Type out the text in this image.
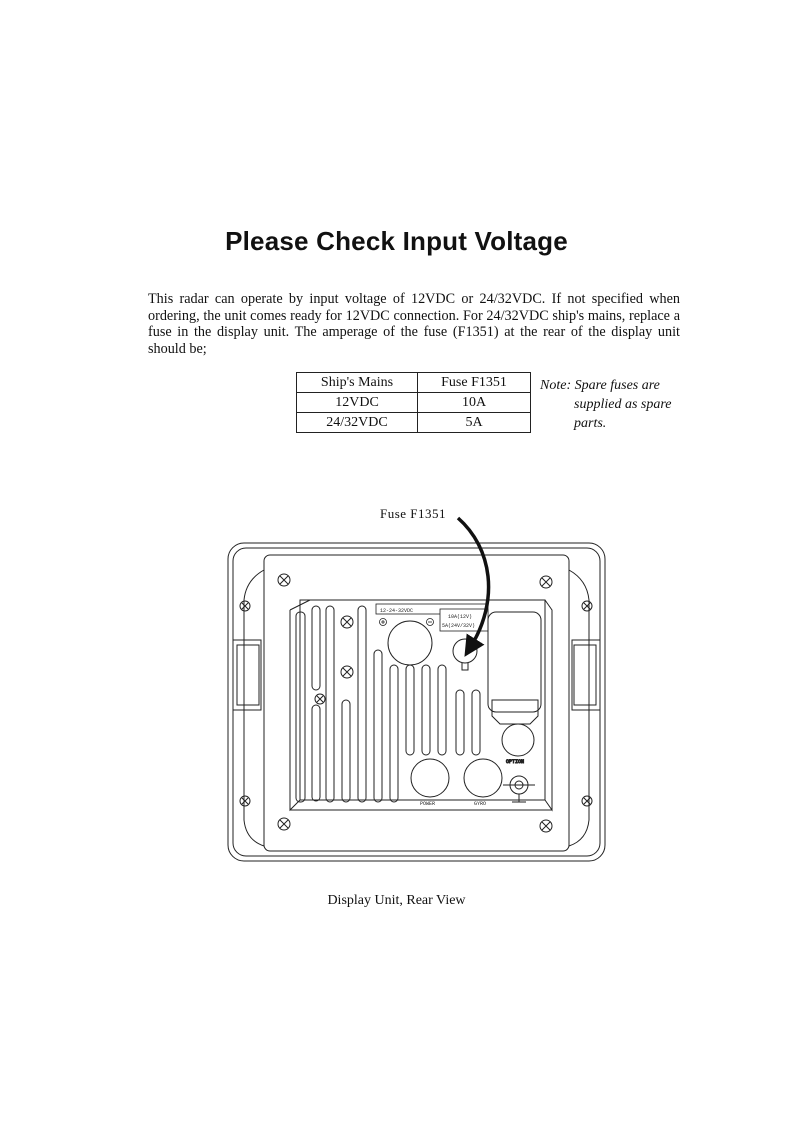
Please Check Input Voltage

This radar can operate by input voltage of 12VDC or 24/32VDC. If not specified when ordering, the unit comes ready for 12VDC connection. For 24/32VDC ship's mains, replace a fuse in the display unit. The amperage of the fuse (F1351) at the rear of the display unit should be;

Ship's Mains	Fuse F1351
12VDC	10A
24/32VDC	5A
Note: Spare fuses are
supplied as spare
parts.
Fuse F1351
12-24-32VDC
10A(12V)
5A(24V/32V)
OPTION
POWER	GYRO
Display Unit, Rear View
